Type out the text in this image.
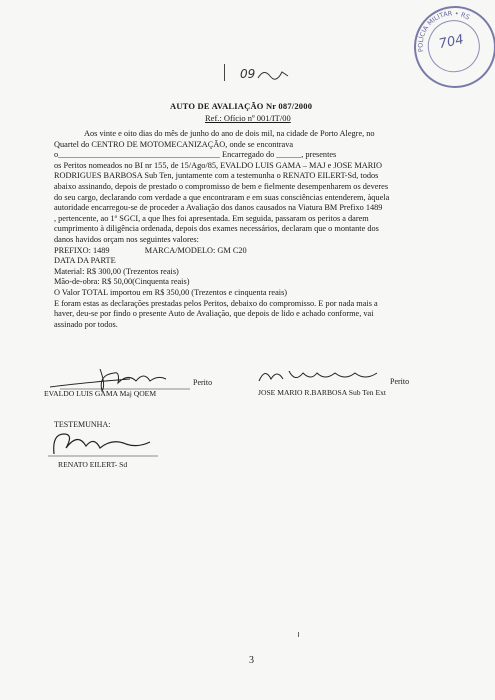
POLÍCIA MILITAR • RS
704
09
AUTO DE AVALIAÇÃO Nr 087/2000
Ref.: Ofício nº 001/IT/00

Aos vinte e oito dias do mês de junho do ano de dois mil, na cidade de Porto Alegre, no
Quartel do CENTRO DE MOTOMECANIZAÇÃO, onde se encontrava
o_______________________________________ Encarregado do ______, presentes
os Peritos nomeados no BI nr 155, de 15/Ago/85, EVALDO LUIS GAMA – MAJ e JOSE MARIO
RODRIGUES BARBOSA Sub Ten, juntamente com a testemunha o RENATO EILERT-Sd, todos
abaixo assinando, depois de prestado o compromisso de bem e fielmente desempenharem os deveres
do seu cargo, declarando com verdade a que encontraram e em suas consciências entenderem, àquela
autoridade encarregou-se de proceder a Avaliação dos danos causados na Viatura BM Prefixo 1489
, pertencente, ao 1º SGCI, a que lhes foi apresentada. Em seguida, passaram os peritos a darem
cumprimento à diligência ordenada, depois dos exames necessários, declaram que o montante dos
danos havidos orçam nos seguintes valores:

PREFIXO: 1489                 MARCA/MODELO: GM C20

DATA DA PARTE

Material: R$ 300,00 (Trezentos reais)

Mão-de-obra: R$ 50,00(Cinquenta reais)

O Valor TOTAL importou em R$ 350,00 (Trezentos e cinquenta reais)

E foram estas as declarações prestadas pelos Peritos, debaixo do compromisso. E por nada mais a
haver, deu-se por findo o presente Auto de Avaliação, que depois de lido e achado conforme, vai
assinado por todos.

Perito
EVALDO LUIS GAMA Maj QOEM
Perito
JOSE MARIO R.BARBOSA Sub Ten Ext
TESTEMUNHA:
RENATO EILERT- Sd
3
